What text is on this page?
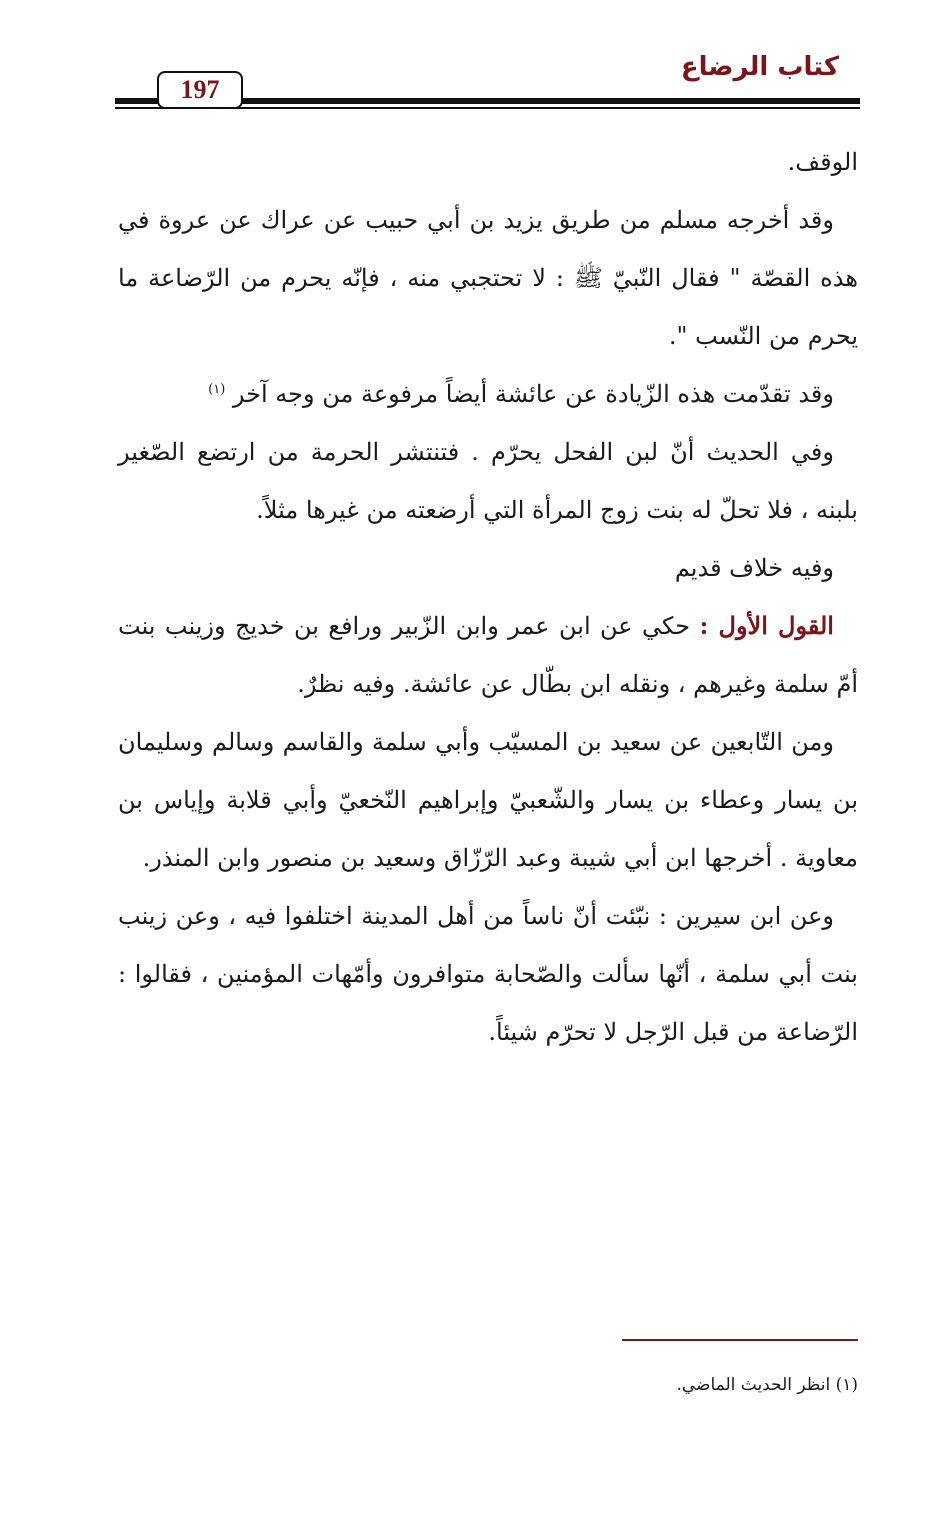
كتاب الرضاع
197

الوقف.

وقد أخرجه مسلم من طريق يزيد بن أبي حبيب عن عراك عن عروة في هذه القصّة " فقال النّبيّ ﷺ : لا تحتجبي منه ، فإنّه يحرم من الرّضاعة ما يحرم من النّسب ".

وقد تقدّمت هذه الزّيادة عن عائشة أيضاً مرفوعة من وجه آخر $^{(١)}$

وفي الحديث أنّ لبن الفحل يحرّم . فتنتشر الحرمة من ارتضع الصّغير بلبنه ، فلا تحلّ له بنت زوج المرأة التي أرضعته من غيرها مثلاً.

وفيه خلاف قديم

القول الأول : حكي عن ابن عمر وابن الزّبير ورافع بن خديج وزينب بنت أمّ سلمة وغيرهم ، ونقله ابن بطّال عن عائشة. وفيه نظرٌ.

ومن التّابعين عن سعيد بن المسيّب وأبي سلمة والقاسم وسالم وسليمان بن يسار وعطاء بن يسار والشّعبيّ وإبراهيم النّخعيّ وأبي قلابة وإياس بن معاوية . أخرجها ابن أبي شيبة وعبد الرّزّاق وسعيد بن منصور وابن المنذر.

وعن ابن سيرين : نبّئت أنّ ناساً من أهل المدينة اختلفوا فيه ، وعن زينب بنت أبي سلمة ، أنّها سألت والصّحابة متوافرون وأمّهات المؤمنين ، فقالوا : الرّضاعة من قبل الرّجل لا تحرّم شيئاً.

(١) انظر الحديث الماضي.
